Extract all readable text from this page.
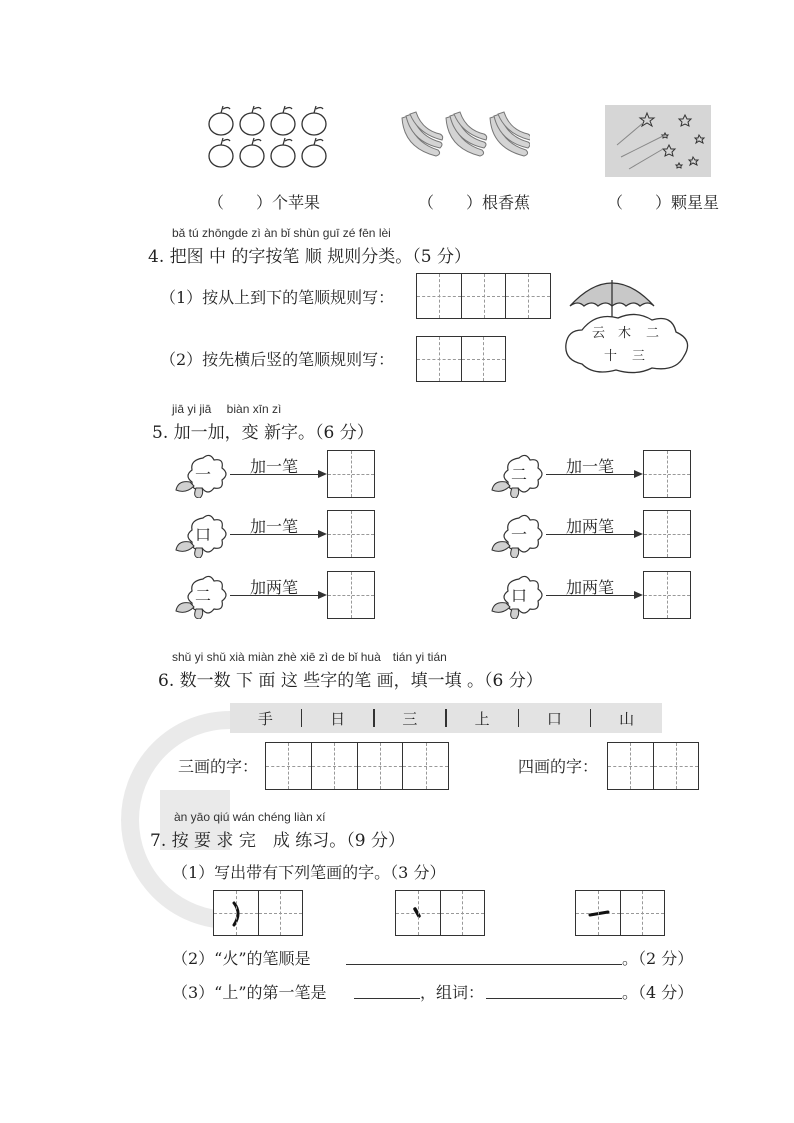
（　　）个苹果	（　　）根香蕉	（　　）颗星星
bǎ tú zhōngde zì àn bǐ shùn guī zé fēn lèi
4. 把图 中 的字按笔 顺 规则分类。（5 分）
（1）按从上到下的笔顺规则写：
（2）按先横后竖的笔顺规则写：
云 木 二
十 三
jiā yi jiā　 biàn xīn zì
5. 加一加，变 新字。（6 分）
一	加一笔
口	加一笔
二	加两笔
二	加一笔
一	加两笔
口	加两笔
shǔ yi shǔ xià miàn zhè xiē zì de bǐ huà　tián yi tián
6. 数一数 下 面 这 些字的笔 画，填一填 。（6 分）
手	日	三	上	口	山
三画的字：	四画的字：
àn yāo qiú wán chéng liàn xí
7. 按 要 求 完　成 练习。（9 分）
（1）写出带有下列笔画的字。（3 分）
（2）“火”的笔顺是	。（2 分）
（3）“上”的第一笔是	，组词：	。（4 分）
